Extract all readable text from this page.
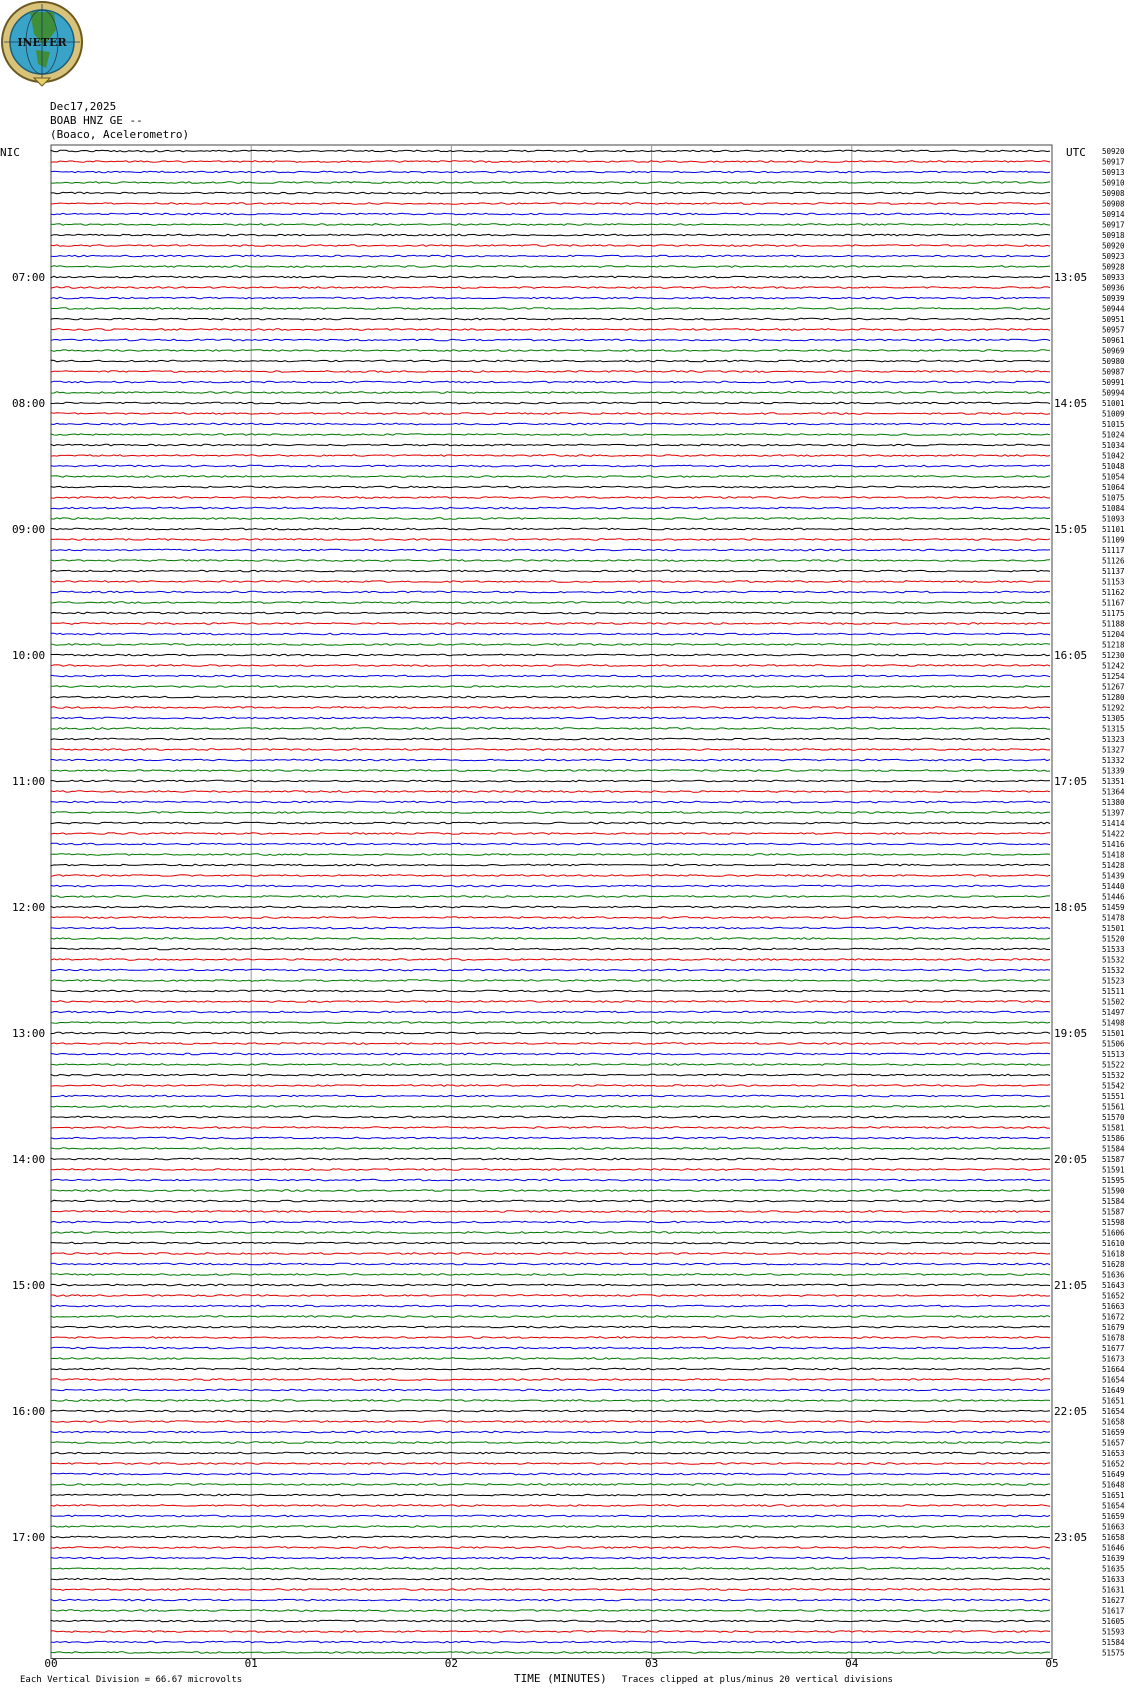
INETER
Dec17,2025
BOAB HNZ GE --
(Boaco, Acelerometro)
50920
50917
50913
50910
50908
50908
50914
50917
50918
50920
50923
50928
50933
50936
50939
50944
50951
50957
50961
50969
50980
50987
50991
50994
51001
51009
51015
51024
51034
51042
51048
51054
51064
51075
51084
51093
51101
51109
51117
51126
51137
51153
51162
51167
51175
51188
51204
51218
51230
51242
51254
51267
51280
51292
51305
51315
51323
51327
51332
51339
51351
51364
51380
51397
51414
51422
51416
51418
51428
51439
51440
51446
51459
51478
51501
51520
51533
51532
51532
51523
51511
51502
51497
51498
51501
51506
51513
51522
51532
51542
51551
51561
51570
51581
51586
51584
51587
51591
51595
51590
51584
51587
51598
51606
51610
51618
51628
51636
51643
51652
51663
51672
51679
51678
51677
51673
51664
51654
51649
51651
51654
51658
51659
51657
51653
51652
51649
51648
51651
51654
51659
51663
51658
51646
51639
51635
51633
51631
51627
51617
51605
51593
51584
51575
NIC	UTC
07:00
08:00
09:00
10:00
11:00
12:00
13:00
14:00
15:00
16:00
17:00
13:05
14:05
15:05
16:05
17:05
18:05
19:05
20:05
21:05
22:05
23:05
00	01	02	03	04	05
Each Vertical Division = 66.67 microvolts	TIME (MINUTES) Traces clipped at plus/minus 20 vertical divisions
